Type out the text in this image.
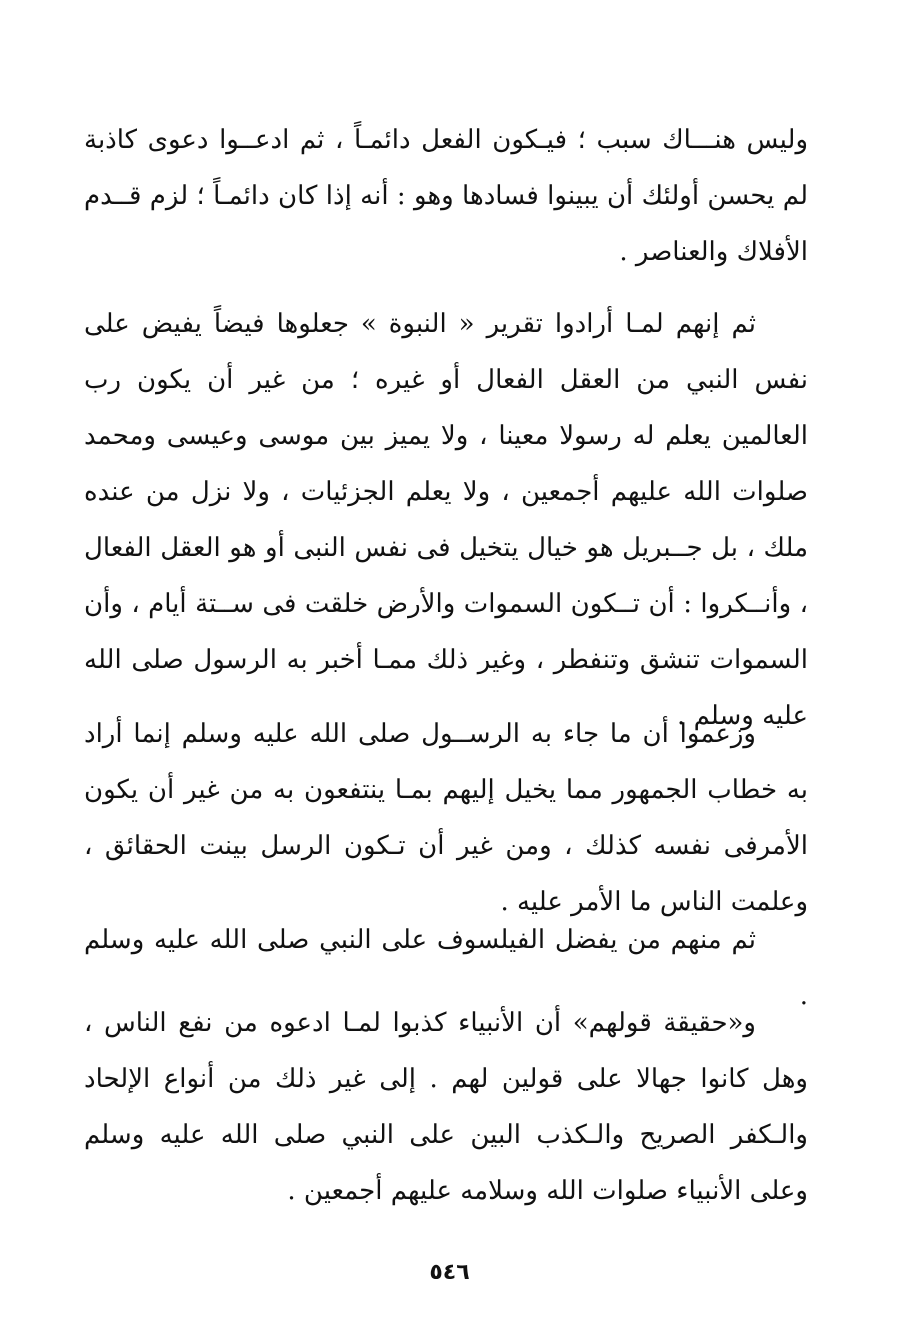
وليس هنـــاك سبب ؛ فيـكون الفعل دائمـاً ، ثم ادعــوا دعوى كاذبة لم يحسن أولئك أن يبينوا فسادها وهو : أنه إذا كان دائمـاً ؛ لزم قــدم الأفلاك والعناصر .

ثم إنهم لمـا أرادوا تقرير « النبوة » جعلوها فيضاً يفيض على نفس النبي من العقل الفعال أو غيره ؛ من غير أن يكون رب العالمين يعلم له رسولا معينا ، ولا يميز بين موسى وعيسى ومحمد صلوات الله عليهم أجمعين ، ولا يعلم الجزئيات ، ولا نزل من عنده ملك ، بل جــبريل هو خيال يتخيل فى نفس النبى أو هو العقل الفعال ، وأنــكروا : أن تــكون السموات والأرض خلقت فى ســتة أيام ، وأن السموات تنشق وتنفطر ، وغير ذلك ممـا أخبر به الرسول صلى الله عليه وسلم .

وزعموا أن ما جاء به الرســول صلى الله عليه وسلم إنما أراد به خطاب الجمهور مما يخيل إليهم بمـا ينتفعون به من غير أن يكون الأمرفى نفسه كذلك ، ومن غير أن تـكون الرسل بينت الحقائق ، وعلمت الناس ما الأمر عليه .

ثم منهم من يفضل الفيلسوف على النبي صلى الله عليه وسلم .

و«حقيقة قولهم» أن الأنبياء كذبوا لمـا ادعوه من نفع الناس ، وهل كانوا جهالا على قولين لهم . إلى غير ذلك من أنواع الإلحاد والـكفر الصريح والـكذب البين على النبي صلى الله عليه وسلم وعلى الأنبياء صلوات الله وسلامه عليهم أجمعين .

٥٤٦
